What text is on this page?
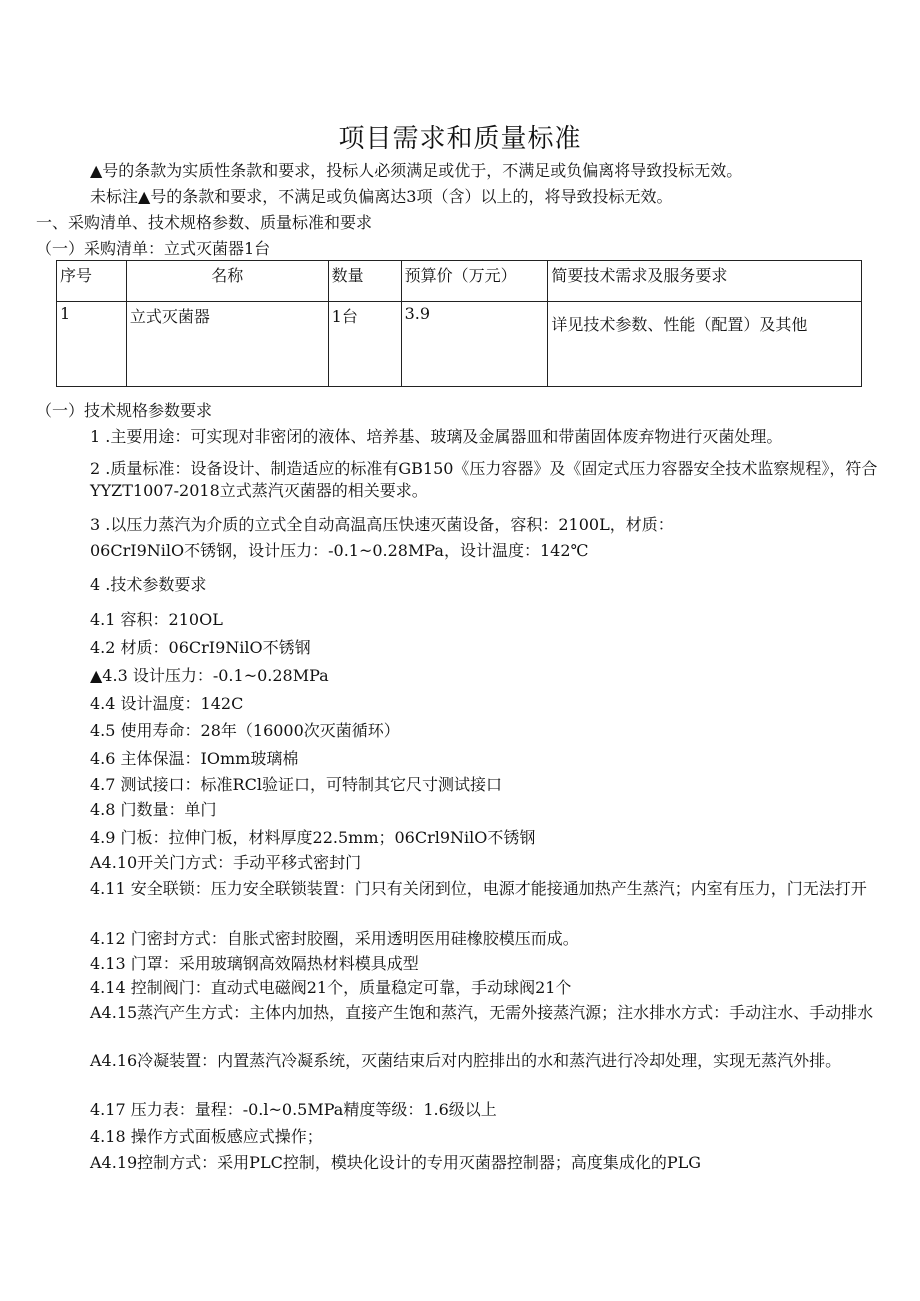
项目需求和质量标准
▲号的条款为实质性条款和要求，投标人必须满足或优于，不满足或负偏离将导致投标无效。
未标注▲号的条款和要求，不满足或负偏离达3项（含）以上的，将导致投标无效。
一、采购清单、技术规格参数、质量标准和要求
（一）采购清单：立式灭菌器1台
序号	名称	数量	预算价（万元）	简要技术需求及服务要求
1	立式灭菌器	1台	3.9	详见技术参数、性能（配置）及其他
（一）技术规格参数要求
1 .主要用途：可实现对非密闭的液体、培养基、玻璃及金属器皿和带菌固体废弃物进行灭菌处理。
2 .质量标准：设备设计、制造适应的标准有GB150《压力容器》及《固定式压力容器安全技术监察规程》，符合YYZT1007-2018立式蒸汽灭菌器的相关要求。
3 .以压力蒸汽为介质的立式全自动高温高压快速灭菌设备，容积：2100L，材质：
06CrI9NilO不锈钢，设计压力：-0.1~0.28MPa，设计温度：142℃
4 .技术参数要求
4.1 容积：210OL
4.2 材质：06CrI9NilO不锈钢
▲4.3 设计压力：-0.1~0.28MPa
4.4 设计温度：142C
4.5 使用寿命：28年（16000次灭菌循环）
4.6 主体保温：IOmm玻璃棉
4.7 测试接口：标准RCl验证口，可特制其它尺寸测试接口
4.8 门数量：单门
4.9 门板：拉伸门板，材料厚度22.5mm；06Crl9NilO不锈钢
A4.10开关门方式：手动平移式密封门
4.11 安全联锁：压力安全联锁装置：门只有关闭到位，电源才能接通加热产生蒸汽；内室有压力，门无法打开
4.12 门密封方式：自胀式密封胶圈，采用透明医用硅橡胶模压而成。
4.13 门罩：采用玻璃钢高效隔热材料模具成型
4.14 控制阀门：直动式电磁阀21个，质量稳定可靠，手动球阀21个
A4.15蒸汽产生方式：主体内加热，直接产生饱和蒸汽，无需外接蒸汽源；注水排水方式：手动注水、手动排水
A4.16冷凝装置：内置蒸汽冷凝系统，灭菌结束后对内腔排出的水和蒸汽进行冷却处理，实现无蒸汽外排。
4.17 压力表：量程：-0.l~0.5MPa精度等级：1.6级以上
4.18 操作方式面板感应式操作；
A4.19控制方式：采用PLC控制，模块化设计的专用灭菌器控制器；高度集成化的PLG
